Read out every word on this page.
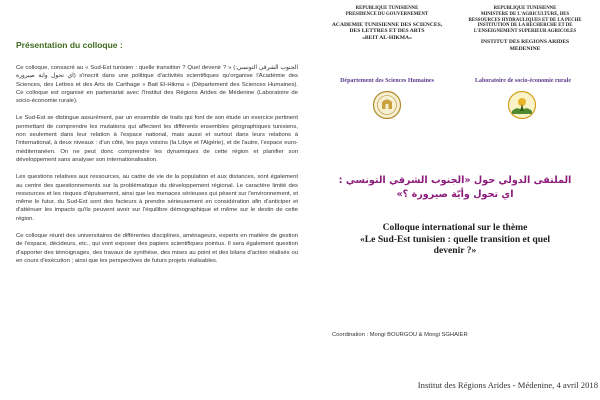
Présentation du colloque :

Ce colloque, consacré au « Sud-Est tunisien : quelle transition ? Quel devenir ? » (الجنوب الشرقي التونسي: اي تحول واية صيرورة) s'inscrit dans une politique d'activités scientifiques qu'organise l'Académie des Sciences, des Lettres et des Arts de Carthage « Bait El-Hikma » (Département des Sciences Humaines). Ce colloque est organisé en partenariat avec l'Institut des Régions Arides de Médenine (Laboratoire de socio-économie rurale).

Le Sud-Est se distingue assurément, par un ensemble de traits qui font de son étude un exercice pertinent permettant de comprendre les mutations qui affectent les différents ensembles géographiques tunisiens, non seulement dans leur relation à l'espace national, mais aussi et surtout dans leurs relations à l'international, à deux niveaux : d'un côté, les pays voisins (la Libye et l'Algérie), et de l'autre, l'espace euro-méditerranéen. On ne peut donc comprendre les dynamiques de cette région et planifier son développement sans analyser son internationalisation.

Les questions relatives aux ressources, au cadre de vie de la population et aux distances, sont également au centre des questionnements sur la problématique du développement régional. Le caractère limité des ressources et les risques d'épuisement, ainsi que les menaces sérieuses qui pèsent sur l'environnement, et même le futur, du Sud-Est sont des facteurs à prendre sérieusement en considération afin d'anticiper et d'atténuer les impacts qu'ils peuvent avoir sur l'équilibre démographique et même sur le destin de cette région.

Ce colloque réunit des universitaires de différentes disciplines, aménageurs, experts en matière de gestion de l'espace, décideurs, etc., qui vont exposer des papiers scientifiques pointus. Il sera également question d'apporter des témoignages, des travaux de synthèse, des mises au point et des bilans d'action réalisés ou en cours d'exécution ; ainsi que les perspectives de futurs projets réalisables.

REPUBLIQUE TUNISIENNE
PRESIDENCE DU GOUVERNEMENT
ACADEMIE TUNISIENNE DES SCIENCES,
DES LETTRES ET DES ARTS
«BEIT AL-HIKMA»
REPUBLIQUE TUNISIENNE
MINISTERE DE L'AGRICULTURE, DES
RESSOURCES HYDRAULIQUES ET DE LA PECHE
INSTITUTION DE LA RECHERCHE ET DE
L'ENSEIGNEMENT SUPERIEUR AGRICOLES
INSTITUT DES REGIONS ARIDES
MEDENINE
Département des Sciences Humaines	Laboratoire de socio-économie rurale
الملتقى الدولي حول «الجنوب الشرقي التونسي :
اي تحول وأيّة صيرورة ؟»
Colloque international sur le thème
«Le Sud-Est tunisien : quelle transition et quel
devenir ?»
Coordination : Mongi BOURGOU & Mongi SGHAIER
Institut des Régions Arides - Médenine, 4 avril 2018
